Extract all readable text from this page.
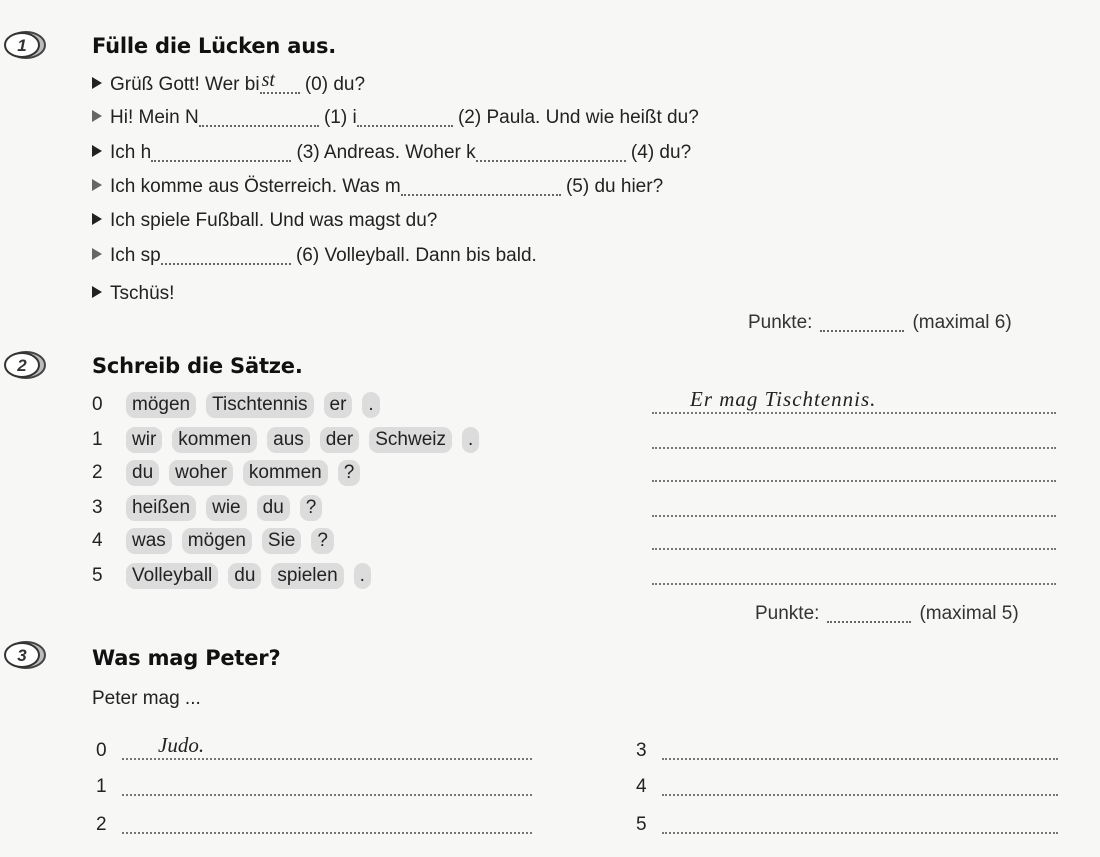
1	Fülle die Lücken aus.
Grüß Gott! Wer bi st (0) du?
Hi! Mein N	(1) i	(2) Paula. Und wie heißt du?
Ich h	(3) Andreas. Woher k	(4) du?
Ich komme aus Österreich. Was m	(5) du hier?
Ich spiele Fußball. Und was magst du?
Ich sp	(6) Volleyball. Dann bis bald.
Tschüs!
Punkte:	(maximal 6)
2	Schreib die Sätze.
0 mögen Tischtennis er .	Er mag Tischtennis.
1 wir kommen aus der Schweiz .
2 du woher kommen ?
3 heißen wie du ?
4 was mögen Sie ?
5 Volleyball du spielen .
Punkte:	(maximal 5)
3	Was mag Peter?
Peter mag ...
0 Judo.	3
1	4
2	5
